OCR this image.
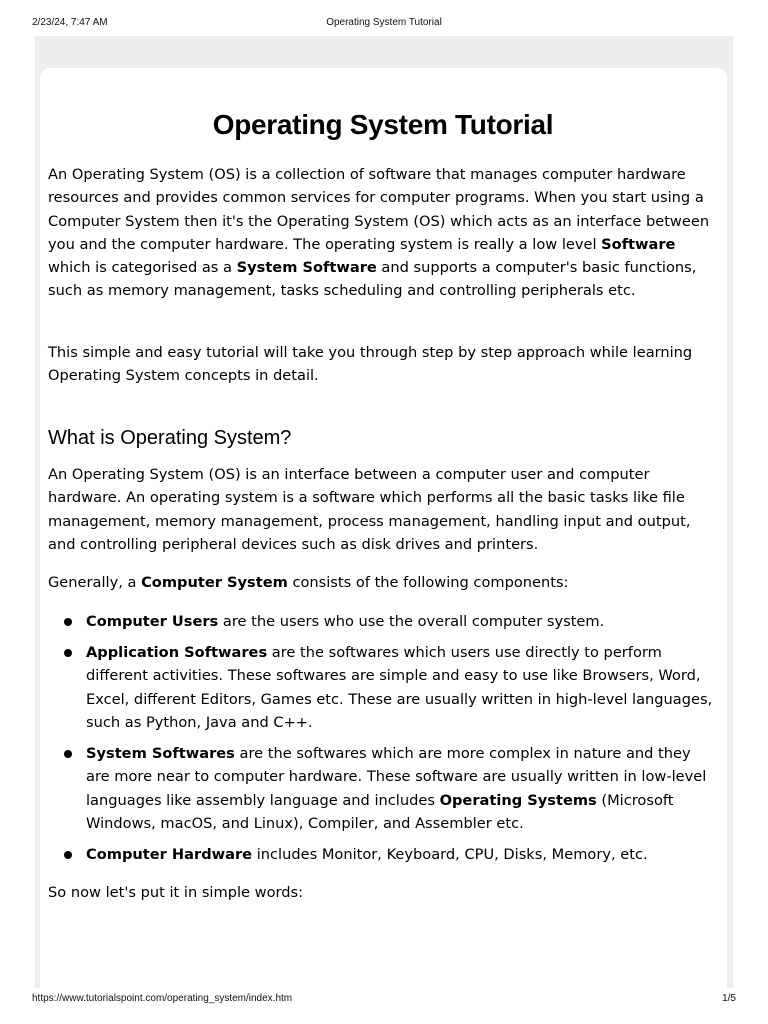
2/23/24, 7:47 AM	Operating System Tutorial
Operating System Tutorial

An Operating System (OS) is a collection of software that manages computer hardware resources and provides common services for computer programs. When you start using a Computer System then it's the Operating System (OS) which acts as an interface between you and the computer hardware. The operating system is really a low level Software which is categorised as a System Software and supports a computer's basic functions, such as memory management, tasks scheduling and controlling peripherals etc.

This simple and easy tutorial will take you through step by step approach while learning Operating System concepts in detail.

What is Operating System?

An Operating System (OS) is an interface between a computer user and computer hardware. An operating system is a software which performs all the basic tasks like file management, memory management, process management, handling input and output, and controlling peripheral devices such as disk drives and printers.

Generally, a Computer System consists of the following components:

Computer Users are the users who use the overall computer system.
Application Softwares are the softwares which users use directly to perform different activities. These softwares are simple and easy to use like Browsers, Word, Excel, different Editors, Games etc. These are usually written in high-level languages, such as Python, Java and C++.
System Softwares are the softwares which are more complex in nature and they are more near to computer hardware. These software are usually written in low-level languages like assembly language and includes Operating Systems (Microsoft Windows, macOS, and Linux), Compiler, and Assembler etc.
Computer Hardware includes Monitor, Keyboard, CPU, Disks, Memory, etc.

So now let's put it in simple words:

https://www.tutorialspoint.com/operating_system/index.htm	1/5
